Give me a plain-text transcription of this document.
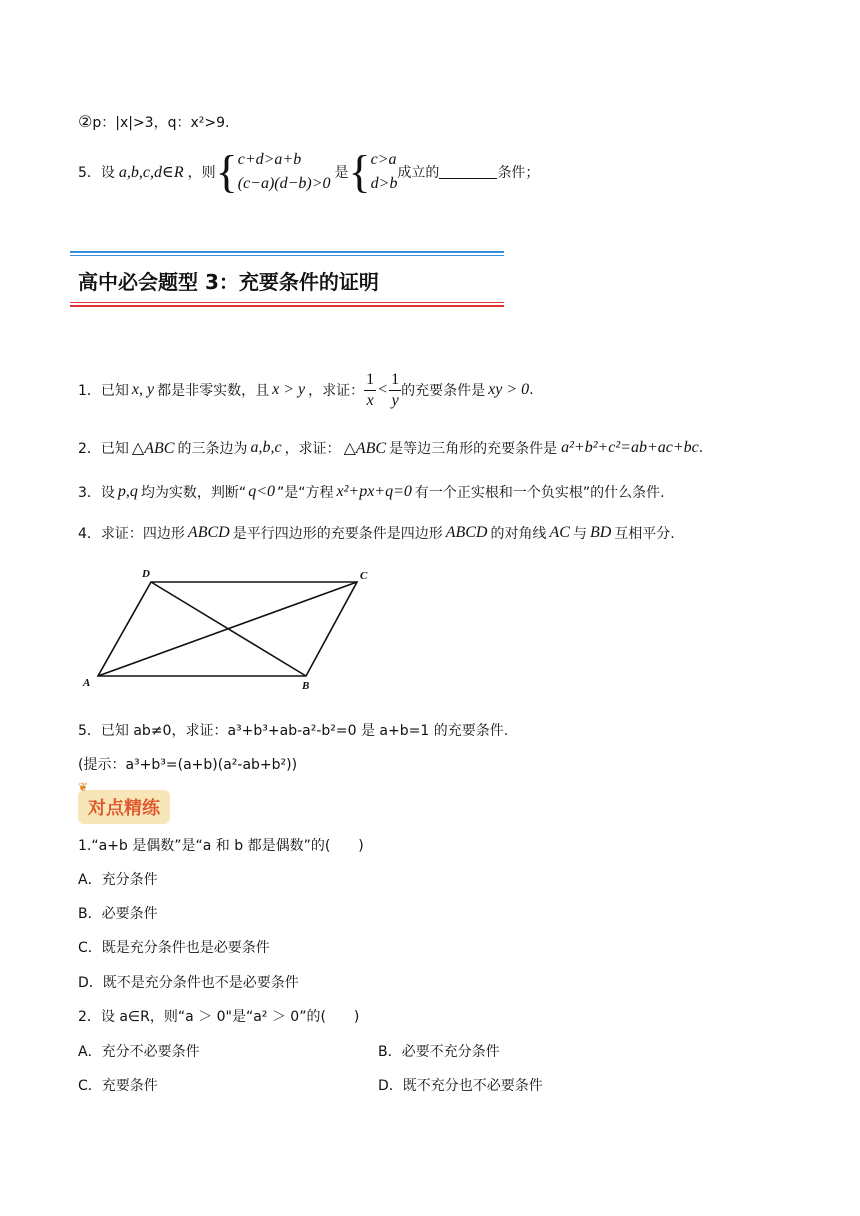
②p：|x|>3，q：x²>9.
5．设 a,b,c,d∈R ，则 { c+d>a+b
(c−a)(d−b)>0
是 { c>a
d>b
成立的	条件；
高中必会题型 3：充要条件的证明
1．已知 x, y 都是非零实数，且 x > y ，求证： $\frac{1}{x} < \frac{1}{y}$ 的充要条件是 xy > 0 .
2．已知 △ABC 的三条边为 a,b,c ，求证： △ABC 是等边三角形的充要条件是 a²+b²+c²=ab+ac+bc .
3．设 p,q 均为实数，判断“ q<0 ”是“方程 x²+px+q=0 有一个正实根和一个负实根”的什么条件.
4．求证：四边形 ABCD 是平行四边形的充要条件是四边形 ABCD 的对角线 AC 与 BD 互相平分.
D	C
A	B
5．已知 ab≠0，求证：a³+b³+ab-a²-b²=0 是 a+b=1 的充要条件.
(提示：a³+b³=(a+b)(a²-ab+b²))
❦
对点精练
1.“a+b 是偶数”是“a 和 b 都是偶数”的(　　)
A．充分条件
B．必要条件
C．既是充分条件也是必要条件
D．既不是充分条件也不是必要条件
2．设 a∈R，则“a ＞ 0"是“a² ＞ 0”的(　　)
A．充分不必要条件	B．必要不充分条件
C．充要条件	D．既不充分也不必要条件
